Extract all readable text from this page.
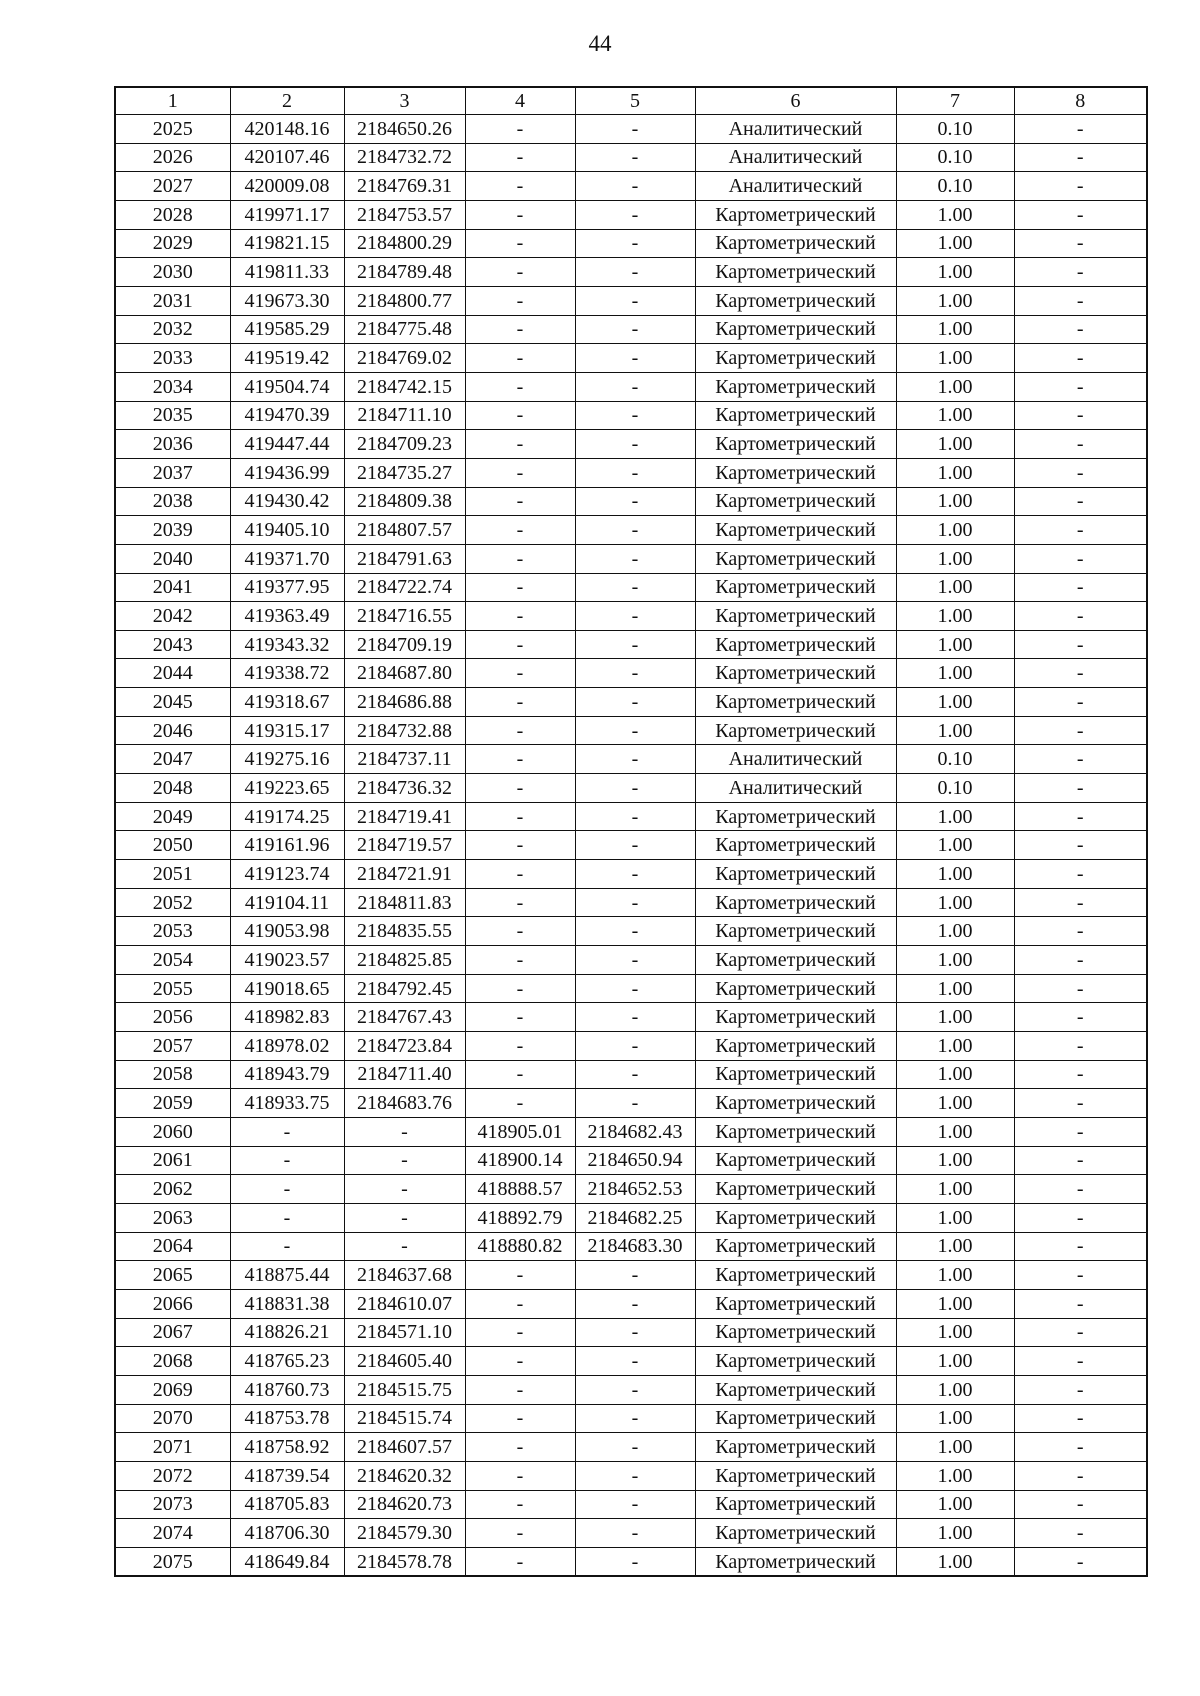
44
1	2	3	4	5	6	7	8
2025	420148.16	2184650.26	-	-	Аналитический	0.10	-
2026	420107.46	2184732.72	-	-	Аналитический	0.10	-
2027	420009.08	2184769.31	-	-	Аналитический	0.10	-
2028	419971.17	2184753.57	-	-	Картометрический	1.00	-
2029	419821.15	2184800.29	-	-	Картометрический	1.00	-
2030	419811.33	2184789.48	-	-	Картометрический	1.00	-
2031	419673.30	2184800.77	-	-	Картометрический	1.00	-
2032	419585.29	2184775.48	-	-	Картометрический	1.00	-
2033	419519.42	2184769.02	-	-	Картометрический	1.00	-
2034	419504.74	2184742.15	-	-	Картометрический	1.00	-
2035	419470.39	2184711.10	-	-	Картометрический	1.00	-
2036	419447.44	2184709.23	-	-	Картометрический	1.00	-
2037	419436.99	2184735.27	-	-	Картометрический	1.00	-
2038	419430.42	2184809.38	-	-	Картометрический	1.00	-
2039	419405.10	2184807.57	-	-	Картометрический	1.00	-
2040	419371.70	2184791.63	-	-	Картометрический	1.00	-
2041	419377.95	2184722.74	-	-	Картометрический	1.00	-
2042	419363.49	2184716.55	-	-	Картометрический	1.00	-
2043	419343.32	2184709.19	-	-	Картометрический	1.00	-
2044	419338.72	2184687.80	-	-	Картометрический	1.00	-
2045	419318.67	2184686.88	-	-	Картометрический	1.00	-
2046	419315.17	2184732.88	-	-	Картометрический	1.00	-
2047	419275.16	2184737.11	-	-	Аналитический	0.10	-
2048	419223.65	2184736.32	-	-	Аналитический	0.10	-
2049	419174.25	2184719.41	-	-	Картометрический	1.00	-
2050	419161.96	2184719.57	-	-	Картометрический	1.00	-
2051	419123.74	2184721.91	-	-	Картометрический	1.00	-
2052	419104.11	2184811.83	-	-	Картометрический	1.00	-
2053	419053.98	2184835.55	-	-	Картометрический	1.00	-
2054	419023.57	2184825.85	-	-	Картометрический	1.00	-
2055	419018.65	2184792.45	-	-	Картометрический	1.00	-
2056	418982.83	2184767.43	-	-	Картометрический	1.00	-
2057	418978.02	2184723.84	-	-	Картометрический	1.00	-
2058	418943.79	2184711.40	-	-	Картометрический	1.00	-
2059	418933.75	2184683.76	-	-	Картометрический	1.00	-
2060	-	-	418905.01	2184682.43	Картометрический	1.00	-
2061	-	-	418900.14	2184650.94	Картометрический	1.00	-
2062	-	-	418888.57	2184652.53	Картометрический	1.00	-
2063	-	-	418892.79	2184682.25	Картометрический	1.00	-
2064	-	-	418880.82	2184683.30	Картометрический	1.00	-
2065	418875.44	2184637.68	-	-	Картометрический	1.00	-
2066	418831.38	2184610.07	-	-	Картометрический	1.00	-
2067	418826.21	2184571.10	-	-	Картометрический	1.00	-
2068	418765.23	2184605.40	-	-	Картометрический	1.00	-
2069	418760.73	2184515.75	-	-	Картометрический	1.00	-
2070	418753.78	2184515.74	-	-	Картометрический	1.00	-
2071	418758.92	2184607.57	-	-	Картометрический	1.00	-
2072	418739.54	2184620.32	-	-	Картометрический	1.00	-
2073	418705.83	2184620.73	-	-	Картометрический	1.00	-
2074	418706.30	2184579.30	-	-	Картометрический	1.00	-
2075	418649.84	2184578.78	-	-	Картометрический	1.00	-
